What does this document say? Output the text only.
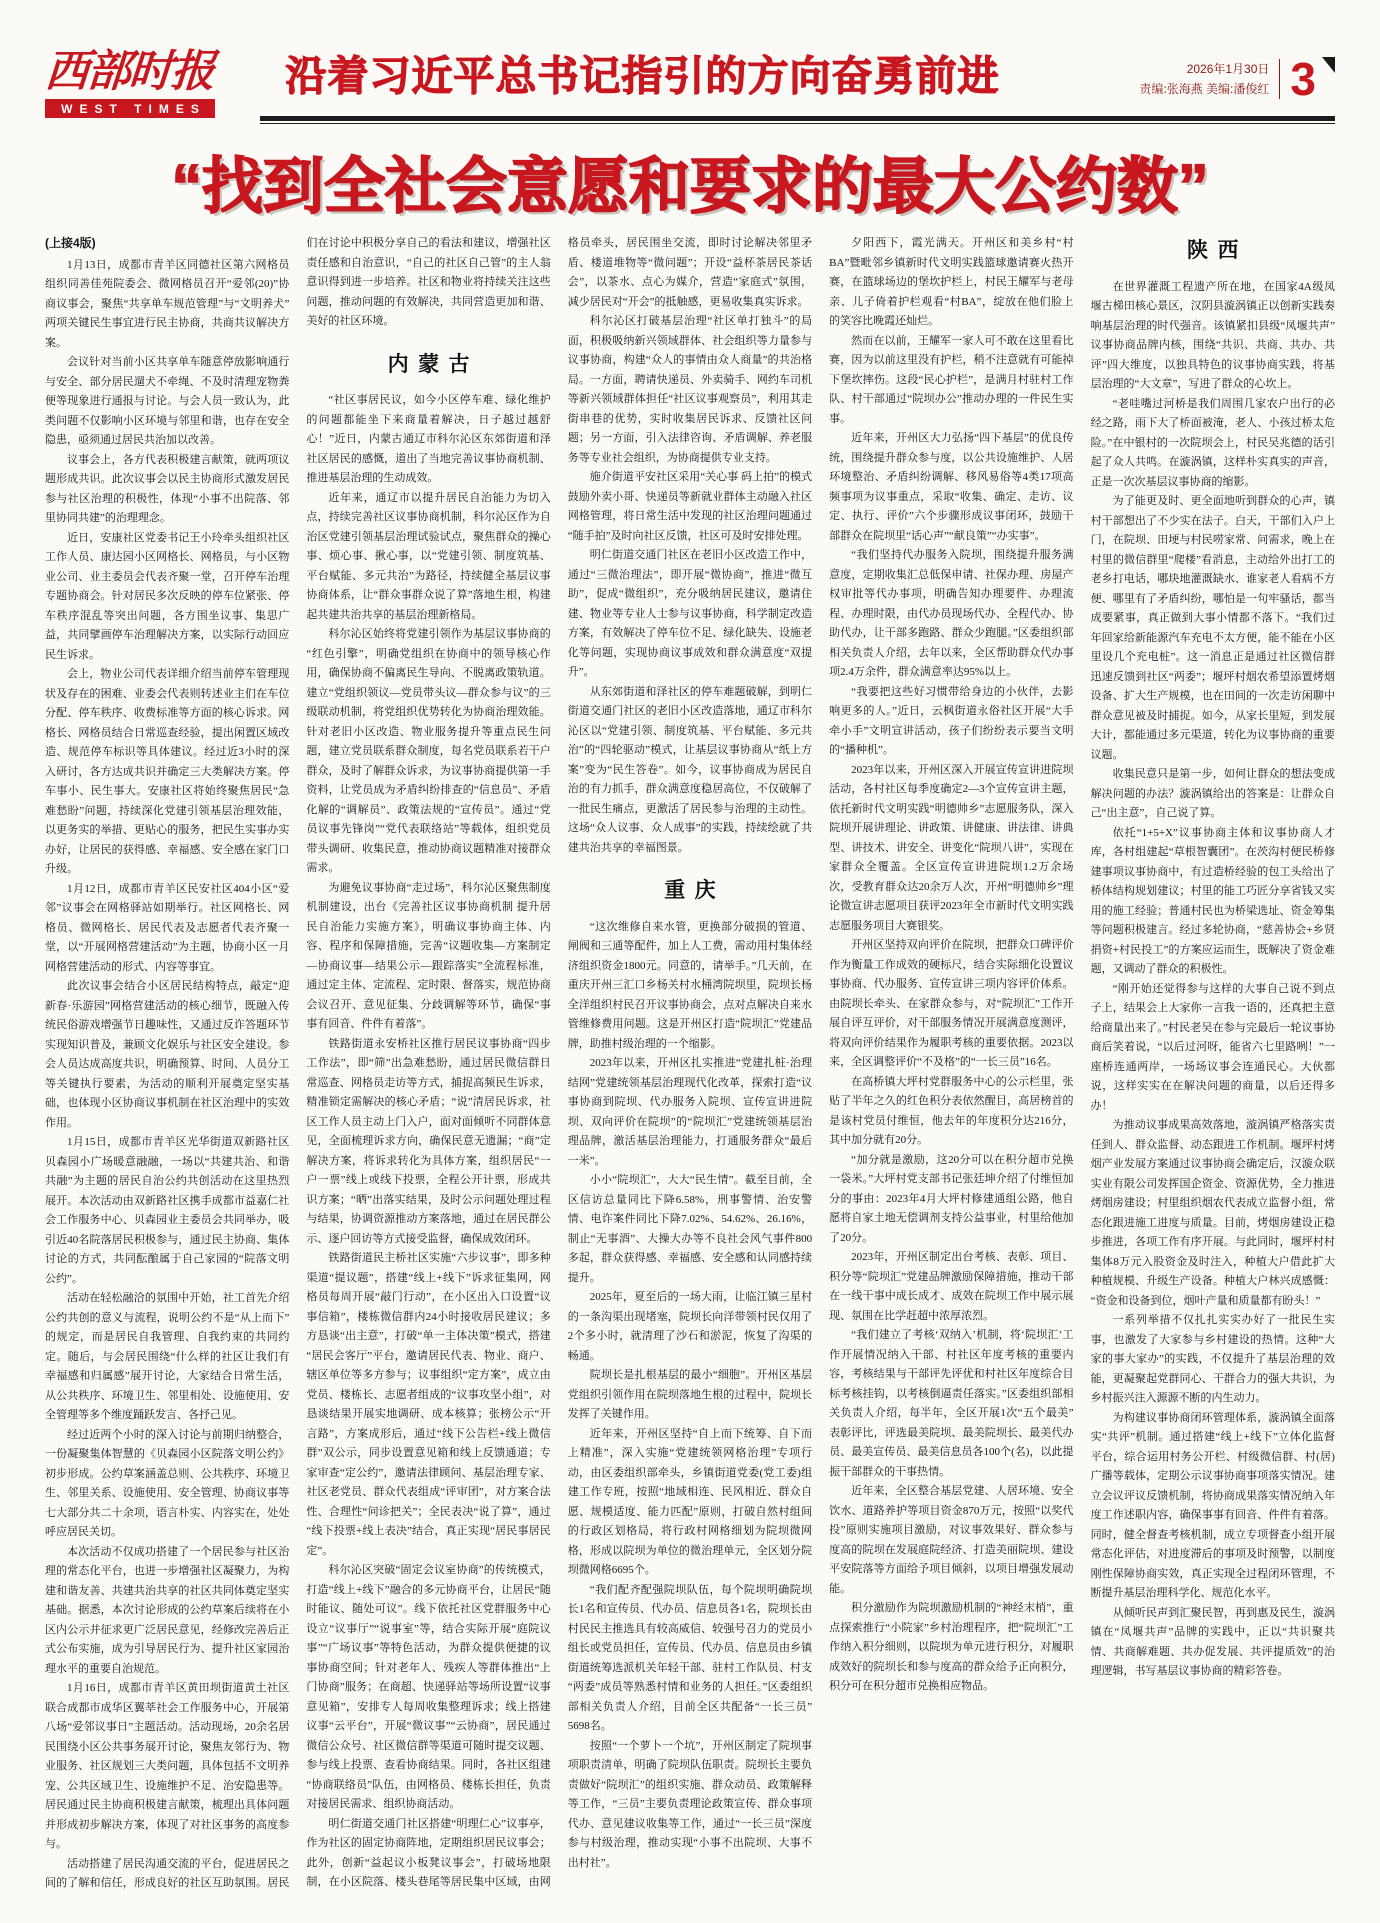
西部时报
WEST TIMES
沿着习近平总书记指引的方向奋勇前进	2026年1月30日
责编:张海燕 美编:潘俊红 3
“找到全社会意愿和要求的最大公约数”

(上接4版)

1月13日，成都市青羊区同德社区第六网格员组织同善佳苑院委会、微网格员召开“爱邻(20)”协商议事会，聚焦“共享单车规范管理”与“文明养犬”两项关键民生事宜进行民主协商，共商共议解决方案。

会议针对当前小区共享单车随意停放影响通行与安全、部分居民遛犬不牵绳、不及时清理宠物粪便等现象进行通报与讨论。与会人员一致认为，此类问题不仅影响小区环境与邻里和谐，也存在安全隐患，亟须通过居民共治加以改善。

议事会上，各方代表积极建言献策，就两项议题形成共识。此次议事会以民主协商形式激发居民参与社区治理的积极性，体现“小事不出院落、邻里协同共建”的治理理念。

近日，安康社区党委书记王小玲牵头组织社区工作人员、康达园小区网格长、网格员，与小区物业公司、业主委员会代表齐聚一堂，召开停车治理专题协商会。针对居民多次反映的停车位紧张、停车秩序混乱等突出问题，各方围坐议事、集思广益，共同擘画停车治理解决方案，以实际行动回应民生诉求。

会上，物业公司代表详细介绍当前停车管理现状及存在的困难、业委会代表则转述业主们在车位分配、停车秩序、收费标准等方面的核心诉求。网格长、网格员结合日常巡查经验，提出闲置区域改造、规范停车标识等具体建议。经过近3小时的深入研讨，各方达成共识并确定三大类解决方案。停车事小、民生事大。安康社区将始终聚焦居民“急难愁盼”问题，持续深化党建引领基层治理效能，以更务实的举措、更贴心的服务，把民生实事办实办好，让居民的获得感、幸福感、安全感在家门口升级。

1月12日，成都市青羊区民安社区404小区“爱邻”议事会在网格驿站如期举行。社区网格长、网格员、微网格长、居民代表及志愿者代表齐聚一堂，以“开展网格营建活动”为主题，协商小区一月网格营建活动的形式、内容等事宜。

此次议事会结合小区居民结构特点，敲定“迎新春·乐游园”网格营建活动的核心细节，既融入传统民俗游戏增强节日趣味性，又通过反诈答题环节实现知识普及，兼顾文化娱乐与社区安全建设。参会人员达成高度共识，明确预算、时间、人员分工等关键执行要素，为活动的顺利开展奠定坚实基础，也体现小区协商议事机制在社区治理中的实效作用。

1月15日，成都市青羊区光华街道双新路社区贝森园小广场暖意融融，一场以“共建共治、和谐共融”为主题的居民自治公约共创活动在这里热烈展开。本次活动由双新路社区携手成都市益嘉仁社会工作服务中心、贝森园业主委员会共同举办，吸引近40名院落居民积极参与，通过民主协商、集体讨论的方式，共同酝酿属于自己家园的“院落文明公约”。

活动在轻松融洽的氛围中开始，社工首先介绍公约共创的意义与流程，说明公约不是“从上而下”的规定，而是居民自我管理、自我约束的共同约定。随后，与会居民围绕“什么样的社区让我们有幸福感和归属感”展开讨论，大家结合日常生活，从公共秩序、环境卫生、邻里相处、设施使用、安全管理等多个维度踊跃发言、各抒己见。

经过近两个小时的深入讨论与前期归纳整合，一份凝聚集体智慧的《贝森园小区院落文明公约》初步形成。公约草案涵盖总则、公共秩序、环境卫生、邻里关系、设施使用、安全管理、协商议事等七大部分共二十余项，语言朴实、内容实在，处处呼应居民关切。

本次活动不仅成功搭建了一个居民参与社区治理的常态化平台，也进一步增强社区凝聚力，为构建和谐友善、共建共治共享的社区共同体奠定坚实基础。据悉，本次讨论形成的公约草案后续将在小区内公示并征求更广泛居民意见，经修改完善后正式公布实施，成为引导居民行为、提升社区家园治理水平的重要自治规范。

1月16日，成都市青羊区黄田坝街道黄土社区联合成都市成华区翼莘社会工作服务中心，开展第八场“爱邻议事日”主题活动。活动现场，20余名居民围绕小区公共事务展开讨论，聚焦友邻行为、物业服务、社区规划三大类问题，具体包括不文明养宠、公共区域卫生、设施维护不足、治安隐患等。居民通过民主协商积极建言献策，梳理出具体问题并形成初步解决方案，体现了对社区事务的高度参与。

活动搭建了居民沟通交流的平台，促进居民之间的了解和信任，形成良好的社区互助氛围。居民们在讨论中积极分享自己的看法和建议，增强社区责任感和自治意识，“自己的社区自己管”的主人翁意识得到进一步培养。社区和物业将持续关注这些问题，推动问题的有效解决，共同营造更加和谐、美好的社区环境。

内蒙古

“社区事居民议，如今小区停车难、绿化维护的问题都能坐下来商量着解决，日子越过越舒心！”近日，内蒙古通辽市科尔沁区东郊街道和泽社区居民的感慨，道出了当地完善议事协商机制、推进基层治理的生动成效。

近年来，通辽市以提升居民自治能力为切入点，持续完善社区议事协商机制，科尔沁区作为自治区党建引领基层治理试验试点，聚焦群众的操心事、烦心事、揪心事，以“党建引领、制度筑基、平台赋能、多元共治”为路径，持续健全基层议事协商体系，让“群众事群众说了算”落地生根，构建起共建共治共享的基层治理新格局。

科尔沁区始终将党建引领作为基层议事协商的“红色引擎”，明确党组织在协商中的领导核心作用，确保协商不偏离民生导向、不脱离政策轨道。建立“党组织领议—党员带头议—群众参与议”的三级联动机制，将党组织优势转化为协商治理效能。针对老旧小区改造、物业服务提升等重点民生问题，建立党员联系群众制度，每名党员联系若干户群众，及时了解群众诉求，为议事协商提供第一手资料，让党员成为矛盾纠纷排查的“信息员”、矛盾化解的“调解员”、政策法规的“宣传员”。通过“党员议事先锋岗”“党代表联络站”等载体，组织党员带头调研、收集民意，推动协商议题精准对接群众需求。

为避免议事协商“走过场”，科尔沁区聚焦制度机制建设，出台《完善社区议事协商机制 提升居民自治能力实施方案》，明确议事协商主体、内容、程序和保障措施，完善“议题收集—方案制定—协商议事—结果公示—跟踪落实”全流程标准，通过定主体、定流程、定时限、督落实，规范协商会议召开、意见征集、分歧调解等环节，确保“事事有回音、件件有着落”。

铁路街道永安桥社区推行居民议事协商“四步工作法”，即“筛”出急难愁盼，通过居民微信群日常巡查、网格员走访等方式，捕捉高频民生诉求，精准锁定需解决的核心矛盾；“说”清居民诉求，社区工作人员主动上门入户，面对面倾听不同群体意见，全面梳理诉求方向，确保民意无遗漏；“商”定解决方案，将诉求转化为具体方案，组织居民“一户一票”线上或线下投票，全程公开计票，形成共识方案；“晒”出落实结果，及时公示问题处理过程与结果，协调资源推动方案落地，通过在居民群公示、逐户回访等方式接受监督，确保成效闭环。

铁路街道民主桥社区实施“六步议事”，即多种渠道“提议题”，搭建“线上+线下”诉求征集网，网格员每周开展“敲门行动”，在小区出入口设置“议事信箱”，楼栋微信群内24小时接收居民建议；多方恳谈“出主意”，打破“单一主体决策”模式，搭建“居民会客厅”平台，邀请居民代表、物业、商户、辖区单位等多方参与；议事组织“定方案”，成立由党员、楼栋长、志愿者组成的“议事攻坚小组”，对恳谈结果开展实地调研、成本核算；张榜公示“开言路”，方案成形后，通过“线下公告栏+线上微信群”双公示，同步设置意见箱和线上反馈通道；专家审查“定公约”，邀请法律顾问、基层治理专家、社区老党员、群众代表组成“评审团”，对方案合法性、合理性“问诊把关”；全民表决“说了算”，通过“线下投票+线上表决”结合，真正实现“居民事居民定”。

科尔沁区突破“固定会议室协商”的传统模式，打造“线上+线下”融合的多元协商平台，让居民“随时能议、随处可议”。线下依托社区党群服务中心设立“议事厅”“说事室”等，结合实际开展“庭院议事”“广场议事”等特色活动，为群众提供便捷的议事协商空间；针对老年人、残疾人等群体推出“上门协商”服务；在商超、快递驿站等场所设置“议事意见箱”，安排专人每周收集整理诉求；线上搭建议事“云平台”，开展“微议事”“云协商”，居民通过微信公众号、社区微信群等渠道可随时提交议题、参与线上投票、查看协商结果。同时，各社区组建“协商联络员”队伍，由网格员、楼栋长担任，负责对接居民需求、组织协商活动。

明仁街道交通门社区搭建“明理仁心”议事亭，作为社区的固定协商阵地，定期组织居民议事会；此外，创新“益起议小板凳议事会”，打破场地限制，在小区院落、楼头巷尾等居民集中区域，由网格员牵头，居民围坐交流，即时讨论解决邻里矛盾、楼道堆物等“微问题”；开设“益杯茶居民茶话会”，以茶水、点心为媒介，营造“家庭式”氛围，减少居民对“开会”的抵触感，更易收集真实诉求。

科尔沁区打破基层治理“社区单打独斗”的局面，积极吸纳新兴领域群体、社会组织等力量参与议事协商，构建“众人的事情由众人商量”的共治格局。一方面，聘请快递员、外卖骑手、网约车司机等新兴领域群体担任“社区议事观察员”，利用其走街串巷的优势，实时收集居民诉求、反馈社区问题；另一方面，引入法律咨询、矛盾调解、养老服务等专业社会组织，为协商提供专业支持。

施介街道平安社区采用“关心事 码上拍”的模式鼓励外卖小哥、快递员等新就业群体主动融入社区网格管理，将日常生活中发现的社区治理问题通过“随手拍”及时向社区反馈，社区可及时安排处理。

明仁街道交通门社区在老旧小区改造工作中，通过“三微治理法”，即开展“微协商”，推进“微互助”，促成“微组织”，充分吸纳居民建议，邀请住建、物业等专业人士参与议事协商，科学制定改造方案，有效解决了停车位不足、绿化缺失、设施老化等问题，实现协商议事成效和群众满意度“双提升”。

从东郊街道和泽社区的停车难题破解，到明仁街道交通门社区的老旧小区改造落地，通辽市科尔沁区以“党建引领、制度筑基、平台赋能、多元共治”的“四轮驱动”模式，让基层议事协商从“纸上方案”变为“民生答卷”。如今，议事协商成为居民自治的有力抓手，群众满意度稳居高位，不仅破解了一批民生痛点，更激活了居民参与治理的主动性。这场“众人议事、众人成事”的实践，持续绘就了共建共治共享的幸福图景。

重庆

“这次维修自来水管，更换部分破损的管道、闸阀和三通等配件，加上人工费，需动用村集体经济组织资金1800元。同意的，请举手。”几天前，在重庆开州三汇口乡杨关村水桶湾院坝里，院坝长杨全洋组织村民召开议事协商会，点对点解决自来水管维修费用问题。这是开州区打造“院坝汇”党建品牌，助推村级治理的一个缩影。

2023年以来，开州区扎实推进“党建扎桩·治理结网”党建统领基层治理现代化改革，探索打造“议事协商到院坝、代办服务入院坝、宣传宣讲进院坝、双向评价在院坝”的“院坝汇”党建统领基层治理品牌，激活基层治理能力，打通服务群众“最后一米”。

小小“院坝汇”，大大“民生情”。截至目前，全区信访总量同比下降6.58%，刑事警情、治安警情、电诈案件同比下降7.02%、54.62%、26.16%，制止“无事酒”、大操大办等不良社会风气事件800多起，群众获得感、幸福感、安全感和认同感持续提升。

2025年，夏至后的一场大雨，让临江镇三星村的一条沟渠出现堵塞，院坝长向洋带领村民仅用了2个多小时，就清理了沙石和淤泥，恢复了沟渠的畅通。

院坝长是扎根基层的最小“细胞”。开州区基层党组织引领作用在院坝落地生根的过程中，院坝长发挥了关键作用。

近年来，开州区坚持“自上而下统筹、自下而上精准”，深入实施“党建统领网格治理”专项行动，由区委组织部牵头，乡镇街道党委(党工委)组建工作专班，按照“地域相连、民风相近、群众自愿、规模适度、能力匹配”原则，打破自然村组间的行政区划格局，将行政村网格细划为院坝微网格，形成以院坝为单位的微治理单元，全区划分院坝微网格6695个。

“我们配齐配强院坝队伍，每个院坝明确院坝长1名和宣传员、代办员、信息员各1名，院坝长由村民民主推选具有较高威信、较强号召力的党员小组长或党员担任，宣传员、代办员、信息员由乡镇街道统筹选派机关年轻干部、驻村工作队员、村支“两委”成员等熟悉村情和业务的人担任。”区委组织部相关负责人介绍，目前全区共配备“一长三员”5698名。

按照“一个萝卜一个坑”，开州区制定了院坝事项职责清单，明确了院坝队伍职责。院坝长主要负责做好“院坝汇”的组织实施、群众动员、政策解释等工作，“三员”主要负责理论政策宣传、群众事项代办、意见建议收集等工作，通过“一长三员”深度参与村级治理，推动实现“小事不出院坝、大事不出村社”。

夕阳西下，霞光满天。开州区和美乡村“村BA”暨毗邻乡镇新时代文明实践篮球邀请赛火热开赛，在篮球场边的堡坎护栏上，村民王耀军与老母亲、儿子倚着护栏观看“村BA”，绽放在他们脸上的笑容比晚霞还灿烂。

然而在以前，王耀军一家人可不敢在这里看比赛，因为以前这里没有护栏，稍不注意就有可能掉下堡坎摔伤。这段“民心护栏”，是满月村驻村工作队、村干部通过“院坝办公”推动办理的一件民生实事。

近年来，开州区大力弘扬“四下基层”的优良传统，围绕提升群众参与度，以公共设施维护、人居环境整治、矛盾纠纷调解、移风易俗等4类17项高频事项为议事重点，采取“收集、确定、走访、议定、执行、评价”六个步骤形成议事闭环，鼓励干部群众在院坝里“话心声”“献良策”“办实事”。

“我们坚持代办服务入院坝，围绕提升服务满意度，定期收集汇总低保申请、社保办理、房屋产权审批等代办事项，明确告知办理要件、办理流程、办理时限，由代办员现场代办、全程代办、协助代办，让干部多跑路、群众少跑腿。”区委组织部相关负责人介绍，去年以来，全区帮助群众代办事项2.4万余件，群众满意率达95%以上。

“我要把这些好习惯带给身边的小伙伴，去影响更多的人。”近日，云枫街道永俗社区开展“大手牵小手”文明宣讲活动，孩子们纷纷表示要当文明的“播种机”。

2023年以来，开州区深入开展宣传宣讲进院坝活动，各村社区每季度确定2—3个宣传宣讲主题，依托新时代文明实践“明德帅乡”志愿服务队，深入院坝开展讲理论、讲政策、讲健康、讲法律、讲典型、讲技术、讲安全、讲变化“院坝八讲”，实现在家群众全覆盖。全区宣传宣讲进院坝1.2万余场次，受教育群众达20余万人次，开州“明德帅乡”理论微宣讲志愿项目获评2023年全市新时代文明实践志愿服务项目大赛银奖。

开州区坚持双向评价在院坝，把群众口碑评价作为衡量工作成效的硬标尺，结合实际细化设置议事协商、代办服务、宣传宣讲三项内容评价体系。由院坝长牵头、在家群众参与，对“院坝汇”工作开展自评互评价，对干部服务情况开展满意度测评，将双向评价结果作为履职考核的重要依据。2023以来，全区调整评价“不及格”的“一长三员”16名。

在高桥镇大坪村党群服务中心的公示栏里，张贴了半年之久的红色积分表依然醒目，高居榜首的是该村党员付维恒，他去年的年度积分达216分，其中加分就有20分。

“加分就是激励，这20分可以在积分超市兑换一袋米。”大坪村党支部书记张廷坤介绍了付维恒加分的事由：2023年4月大坪村修建通组公路，他自愿将自家土地无偿调剂支持公益事业，村里给他加了20分。

2023年，开州区制定出台考核、表彰、项目、积分等“院坝汇”党建品牌激励保障措施，推动干部在一线干事中成长成才、成效在院坝工作中展示展现、氛围在比学赶超中浓厚浓烈。

“我们建立了考核‘双纳入’机制，将‘院坝汇’工作开展情况纳入干部、村社区年度考核的重要内容，考核结果与干部评先评优和村社区年度综合目标考核挂钩，以考核倒逼责任落实。”区委组织部相关负责人介绍，每半年，全区开展1次“五个最美”表彰评比，评选最美院坝、最美院坝长、最美代办员、最美宣传员、最美信息员各100个(名)，以此提振干部群众的干事热情。

近年来，全区整合基层党建、人居环境、安全饮水、道路养护等项目资金870万元，按照“以奖代投”原则实施项目激励，对议事效果好、群众参与度高的院坝在发展庭院经济、打造美丽院坝、建设平安院落等方面给予项目倾斜，以项目增强发展动能。

积分激励作为院坝激励机制的“神经末梢”，重点探索推行“小院家”乡村治理程序，把“院坝汇”工作纳入积分细则，以院坝为单元进行积分，对履职成效好的院坝长和参与度高的群众给予正向积分，积分可在积分超市兑换相应物品。

陕西

在世界灌溉工程遗产所在地，在国家4A级凤堰古梯田核心景区，汉阴县漩涡镇正以创新实践奏响基层治理的时代强音。该镇紧扣县级“凤堰共声”议事协商品牌内核，围绕“共识、共商、共办、共评”四大维度，以独具特色的议事协商实践，将基层治理的“大文章”，写进了群众的心坎上。

“老哇嘴过河桥是我们周围几家农户出行的必经之路，雨下大了桥面被淹，老人、小孩过桥太危险。”在中银村的一次院坝会上，村民吴兆德的话引起了众人共鸣。在漩涡镇，这样朴实真实的声音，正是一次次基层议事协商的缩影。

为了能更及时、更全面地听到群众的心声，镇村干部想出了不少实在法子。白天，干部们入户上门，在院坝、田埂与村民唠家常、问需求，晚上在村里的微信群里“爬楼”看消息，主动给外出打工的老乡打电话，哪块地灌溉缺水、谁家老人看病不方便、哪里有了矛盾纠纷，哪怕是一句牢骚话，都当成要紧事，真正做到大事小情都不落下。“我们过年回家给新能源汽车充电不太方便，能不能在小区里设几个充电桩”。这一消息正是通过社区微信群迅速反馈到社区“两委”；堰坪村烟农希望添置烤烟设备、扩大生产规模，也在田间的一次走访闲聊中群众意见被及时捕捉。如今，从家长里短，到发展大计，都能通过多元渠道，转化为议事协商的重要议题。

收集民意只是第一步，如何让群众的想法变成解决问题的办法？漩涡镇给出的答案是：让群众自己“出主意”，自己说了算。

依托“1+5+X”议事协商主体和议事协商人才库，各村组建起“草根智囊团”。在茨沟村便民桥修建事项议事协商中，有过造桥经验的包工头给出了桥体结构规划建议；村里的能工巧匠分享省钱又实用的施工经验；普通村民也为桥梁选址、资金筹集等问题积极建言。经过多轮协商，“慈善协会+乡贤捐资+村民投工”的方案应运而生，既解决了资金难题，又调动了群众的积极性。

“刚开始还觉得参与这样的大事自己说不到点子上，结果会上大家你一言我一语的，还真把主意给商量出来了。”村民老吴在参与完最后一轮议事协商后笑着说，“以后过河呀，能省六七里路咧！”一座桥连通两岸，一场场议事会连通民心。大伙都说，这样实实在在解决问题的商量，以后还得多办！

为推动议事成果高效落地，漩涡镇严格落实责任到人、群众监督、动态跟进工作机制。堰坪村烤烟产业发展方案通过议事协商会确定后，汉漩众联实业有限公司发挥国企资金、资源优势，全力推进烤烟房建设；村里组织烟农代表成立监督小组，常态化跟进施工进度与质量。目前，烤烟房建设正稳步推进，各项工作有序开展。与此同时，堰坪村村集体8万元入股资金及时注入，种植大户借此扩大种植规模、升级生产设备。种植大户林兴成感慨：“资金和设备到位，烟叶产量和质量都有盼头！”

一系列举措不仅扎扎实实办好了一批民生实事，也激发了大家参与乡村建设的热情。这种“大家的事大家办”的实践，不仅提升了基层治理的效能，更凝聚起党群同心、干群合力的强大共识，为乡村振兴注入源源不断的内生动力。

为构建议事协商闭环管理体系，漩涡镇全面落实“共评”机制。通过搭建“线上+线下”立体化监督平台，综合运用村务公开栏、村级微信群、村(居)广播等载体，定期公示议事协商事项落实情况。建立会议评议反馈机制，将协商成果落实情况纳入年度工作述职内容，确保事事有回音、件件有着落。同时，健全督查考核机制，成立专项督查小组开展常态化评估，对进度滞后的事项及时预警，以制度刚性保障协商实效，真正实现全过程闭环管理，不断提升基层治理科学化、规范化水平。

从倾听民声到汇聚民智，再到惠及民生，漩涡镇在“凤堰共声”品牌的实践中，正以“共识聚共情、共商解难题、共办促发展、共评提质效”的治理逻辑，书写基层议事协商的精彩答卷。
